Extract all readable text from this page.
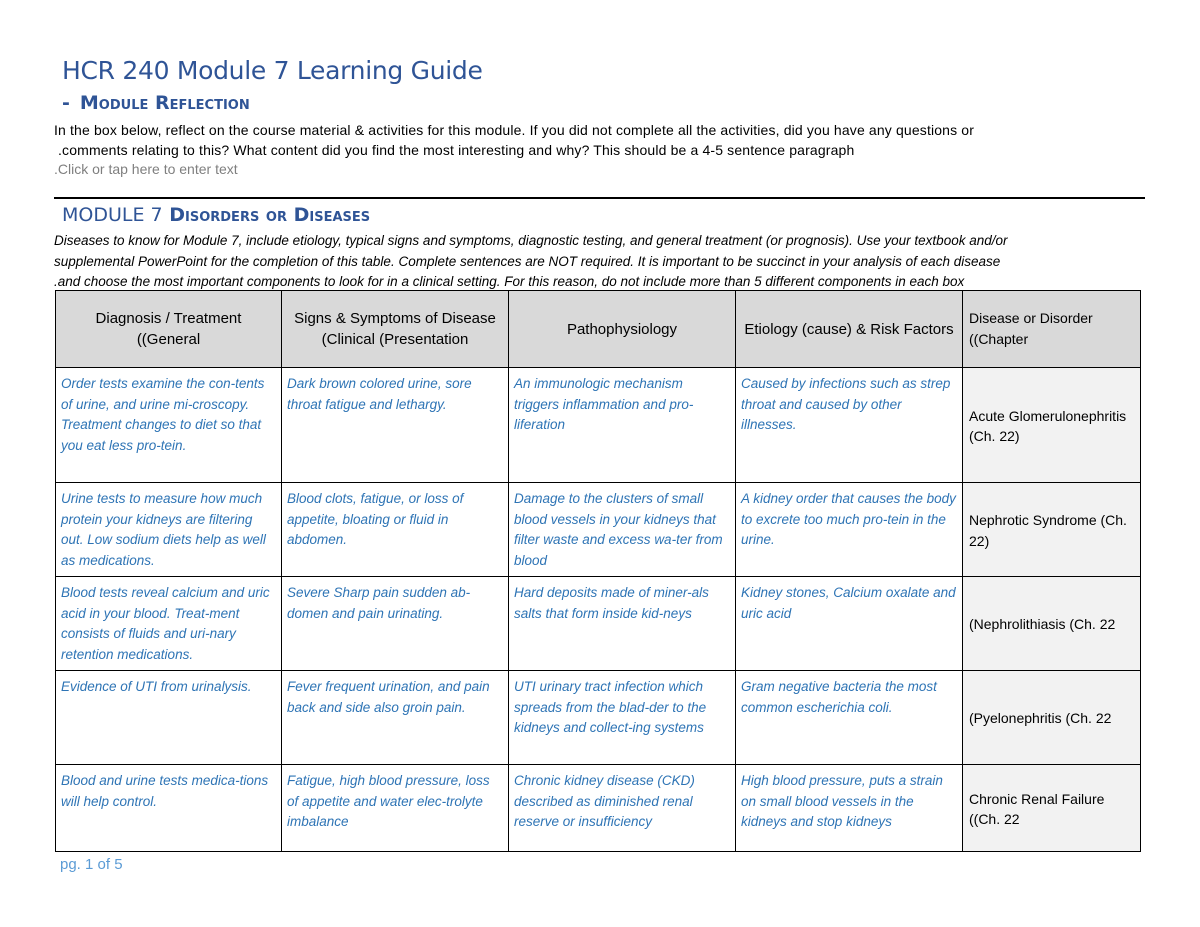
HCR 240 Module 7 Learning Guide
- Module Reflection

In the box below, reflect on the course material & activities for this module. If you did not complete all the activities, did you have any questions or
.comments relating to this? What content did you find the most interesting and why? This should be a 4-5 sentence paragraph

.Click or tap here to enter text
MODULE 7 Disorders or Diseases

Diseases to know for Module 7, include etiology, typical signs and symptoms, diagnostic testing, and general treatment (or prognosis). Use your textbook and/or
supplemental PowerPoint for the completion of this table. Complete sentences are NOT required. It is important to be succinct in your analysis of each disease
.and choose the most important components to look for in a clinical setting. For this reason, do not include more than 5 different components in each box

Diagnosis / Treatment ((General	Signs & Symptoms of Disease (Clinical (Presentation	Pathophysiology	Etiology (cause) & Risk Factors	Disease or Disorder ((Chapter
Order tests examine the con-tents of urine, and urine mi-croscopy. Treatment changes to diet so that you eat less pro-tein.	Dark brown colored urine, sore throat fatigue and lethargy.	An immunologic mechanism triggers inflammation and pro-liferation	Caused by infections such as strep throat and caused by other illnesses.	Acute Glomerulonephritis (Ch. 22)
Urine tests to measure how much protein your kidneys are filtering out. Low sodium diets help as well as medications.	Blood clots, fatigue, or loss of appetite, bloating or fluid in abdomen.	Damage to the clusters of small blood vessels in your kidneys that filter waste and excess wa-ter from blood	A kidney order that causes the body to excrete too much pro-tein in the urine.	Nephrotic Syndrome (Ch. 22)
Blood tests reveal calcium and uric acid in your blood. Treat-ment consists of fluids and uri-nary retention medications.	Severe Sharp pain sudden ab-domen and pain urinating.	Hard deposits made of miner-als salts that form inside kid-neys	Kidney stones, Calcium oxalate and uric acid	(Nephrolithiasis (Ch. 22
Evidence of UTI from urinalysis.	Fever frequent urination, and pain back and side also groin pain.	UTI urinary tract infection which spreads from the blad-der to the kidneys and collect-ing systems	Gram negative bacteria the most common escherichia coli.	(Pyelonephritis (Ch. 22
Blood and urine tests medica-tions will help control.	Fatigue, high blood pressure, loss of appetite and water elec-trolyte imbalance	Chronic kidney disease (CKD) described as diminished renal reserve or insufficiency	High blood pressure, puts a strain on small blood vessels in the kidneys and stop kidneys	Chronic Renal Failure ((Ch. 22
pg. 1 of 5
